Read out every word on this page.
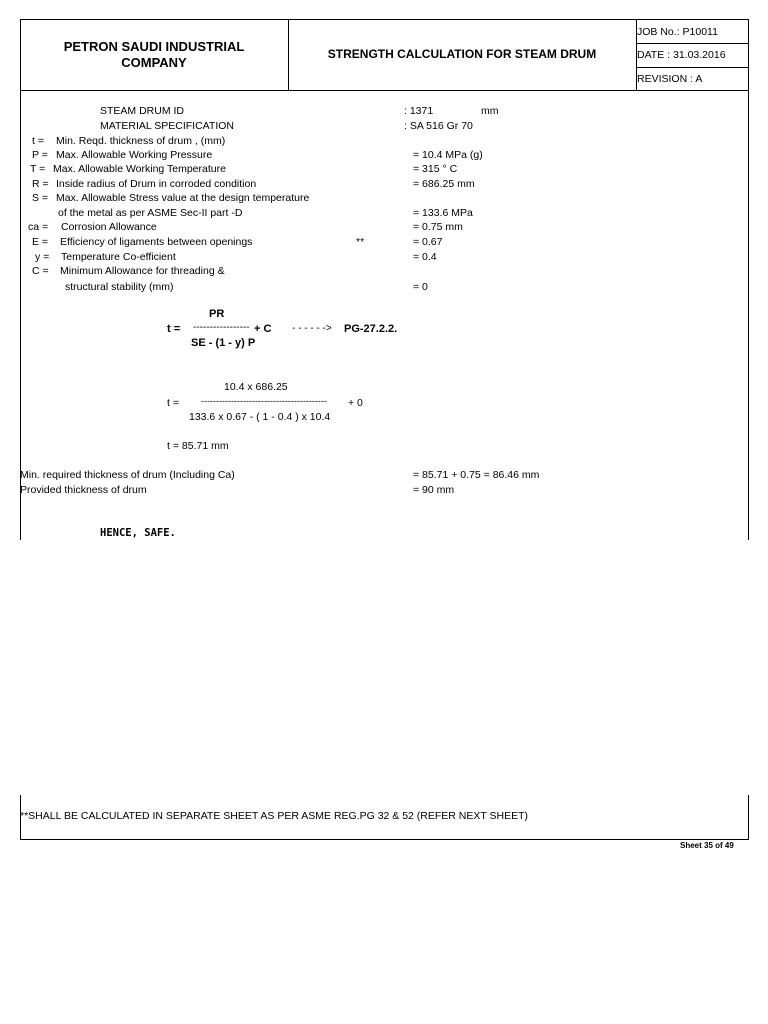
PETRON SAUDI INDUSTRIAL COMPANY
STRENGTH CALCULATION FOR STEAM DRUM
JOB No.: P10011
DATE : 31.03.2016
REVISION : A
STEAM DRUM ID	: 1371	mm
MATERIAL SPECIFICATION	: SA 516 Gr 70
t = Min. Reqd. thickness of drum , (mm)
P = Max. Allowable Working Pressure	= 10.4 MPa (g)
T = Max. Allowable Working Temperature	= 315 ° C
R = Inside radius of Drum in corroded condition	= 686.25 mm
S = Max. Allowable Stress value at the design temperature
of the metal as per ASME Sec-II part -D	= 133.6 MPa
ca = Corrosion Allowance	= 0.75 mm
E = Efficiency of ligaments between openings	**	= 0.67
y = Temperature Co-efficient	= 0.4
C = Minimum Allowance for threading &
structural stability (mm)	= 0
PR
t = ----------------- + C - - - - - -> PG-27.2.2.
SE - (1 - y) P
10.4 x 686.25
t = ------------------------------------------ + 0
133.6 x 0.67 - ( 1 - 0.4 ) x 10.4
t = 85.71 mm
Min. required thickness of drum (Including Ca)	= 85.71 + 0.75 = 86.46 mm
Provided thickness of drum	= 90 mm
HENCE, SAFE.
**SHALL BE CALCULATED IN SEPARATE SHEET AS PER ASME REG.PG 32 & 52 (REFER NEXT SHEET)
Sheet 35 of 49
